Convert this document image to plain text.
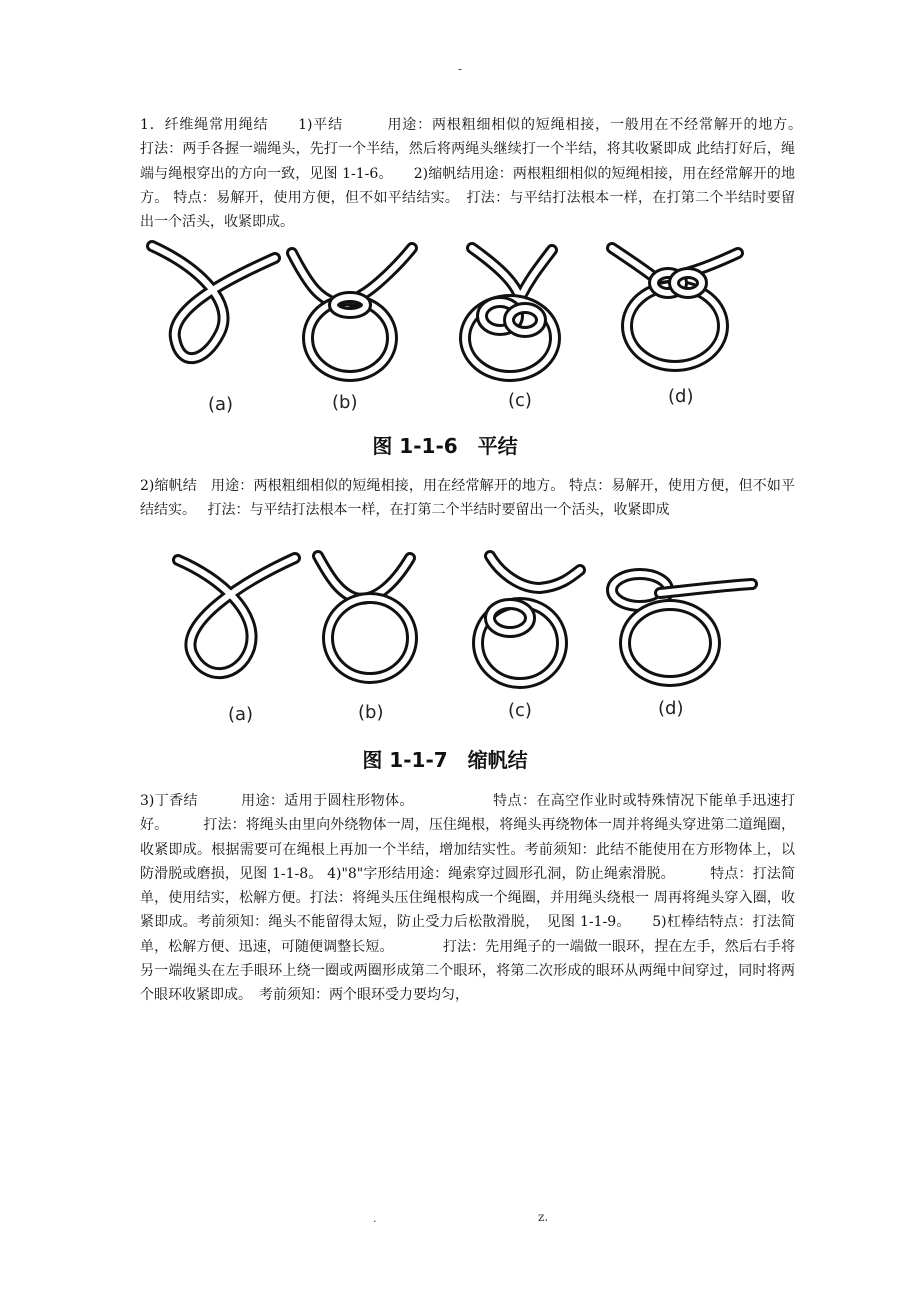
-
1．纤维绳常用绳结　　1)平结　　　用途：两根粗细相似的短绳相接，一般用在不经常解开的地方。　　　打法：两手各握一端绳头，先打一个半结，然后将两绳头继续打一个半结，将其收紧即成 此结打好后，绳端与绳根穿出的方向一致，见图 1-1-6。　　2)缩帆结用途：两根粗细相似的短绳相接，用在经常解开的地方。 特点：易解开，使用方便，但不如平结结实。　打法：与平结打法根本一样，在打第二个半结时要留出一个活头，收紧即成。
(a)	(b)	(c)	(d)
图 1-1-6　平结
2)缩帆结　用途：两根粗细相似的短绳相接，用在经常解开的地方。 特点：易解开，使用方便，但不如平结结实。　 打法：与平结打法根本一样，在打第二个半结时要留出一个活头，收紧即成
(a)	(b)	(c)	(d)
图 1-1-7　缩帆结
3)丁香结　　　用途：适用于圆柱形物体。　　　　　　特点：在高空作业时或特殊情况下能单手迅速打好。　　　打法：将绳头由里向外绕物体一周，压住绳根，将绳头再绕物体一周并将绳头穿进第二道绳圈，收紧即成。根据需要可在绳根上再加一个半结，增加结实性。考前须知：此结不能使用在方形物体上，以防滑脱或磨损，见图 1-1-8。 4)"8"字形结用途：绳索穿过圆形孔洞，防止绳索滑脱。　　　特点：打法简单，使用结实，松解方便。打法：将绳头压住绳根构成一个绳圈，并用绳头绕根一 周再将绳头穿入圈，收紧即成。考前须知：绳头不能留得太短，防止受力后松散滑脱，　见图 1-1-9。　　5)杠棒结特点：打法简单，松解方便、迅速，可随便调整长短。　　　　打法：先用绳子的一端做一眼环，捏在左手，然后右手将另一端绳头在左手眼环上绕一圈或两圈形成第二个眼环，将第二次形成的眼环从两绳中间穿过，同时将两个眼环收紧即成。　考前须知：两个眼环受力要均匀，
.	z.
